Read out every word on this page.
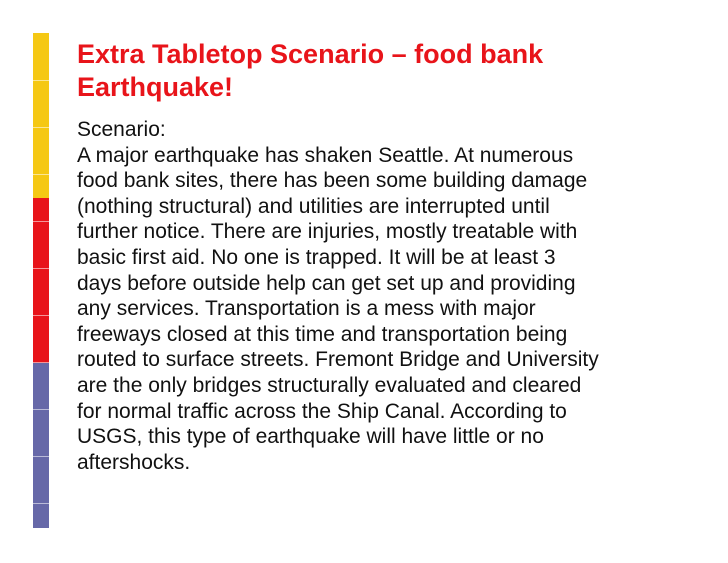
Extra Tabletop Scenario – food bank
Earthquake!
Scenario:
A major earthquake has shaken Seattle. At numerous
food bank sites, there has been some building damage
(nothing structural) and utilities are interrupted until
further notice. There are injuries, mostly treatable with
basic first aid. No one is trapped. It will be at least 3
days before outside help can get set up and providing
any services. Transportation is a mess with major
freeways closed at this time and transportation being
routed to surface streets. Fremont Bridge and University
are the only bridges structurally evaluated and cleared
for normal traffic across the Ship Canal. According to
USGS, this type of earthquake will have little or no
aftershocks.
